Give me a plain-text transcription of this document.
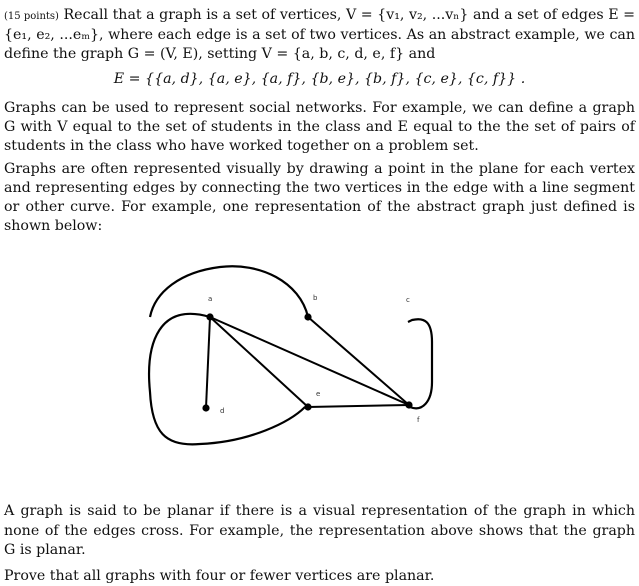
(15 points) Recall that a graph is a set of vertices, V = {v₁, v₂, ...vₙ} and a set of edges E = {e₁, e₂, ...eₘ}, where each edge is a set of two vertices. As an abstract example, we can define the graph G = (V, E), setting V = {a, b, c, d, e, f} and

E = {{a, d}, {a, e}, {a, f}, {b, e}, {b, f}, {c, e}, {c, f}} .

Graphs can be used to represent social networks. For example, we can define a graph G with V equal to the set of students in the class and E equal to the the set of pairs of students in the class who have worked together on a problem set.

Graphs are often represented visually by drawing a point in the plane for each vertex and representing edges by connecting the two vertices in the edge with a line segment or other curve. For example, one representation of the abstract graph just defined is shown below:

a	b	c
d
e
f

A graph is said to be planar if there is a visual representation of the graph in which none of the edges cross. For example, the representation above shows that the graph G is planar.

Prove that all graphs with four or fewer vertices are planar.
